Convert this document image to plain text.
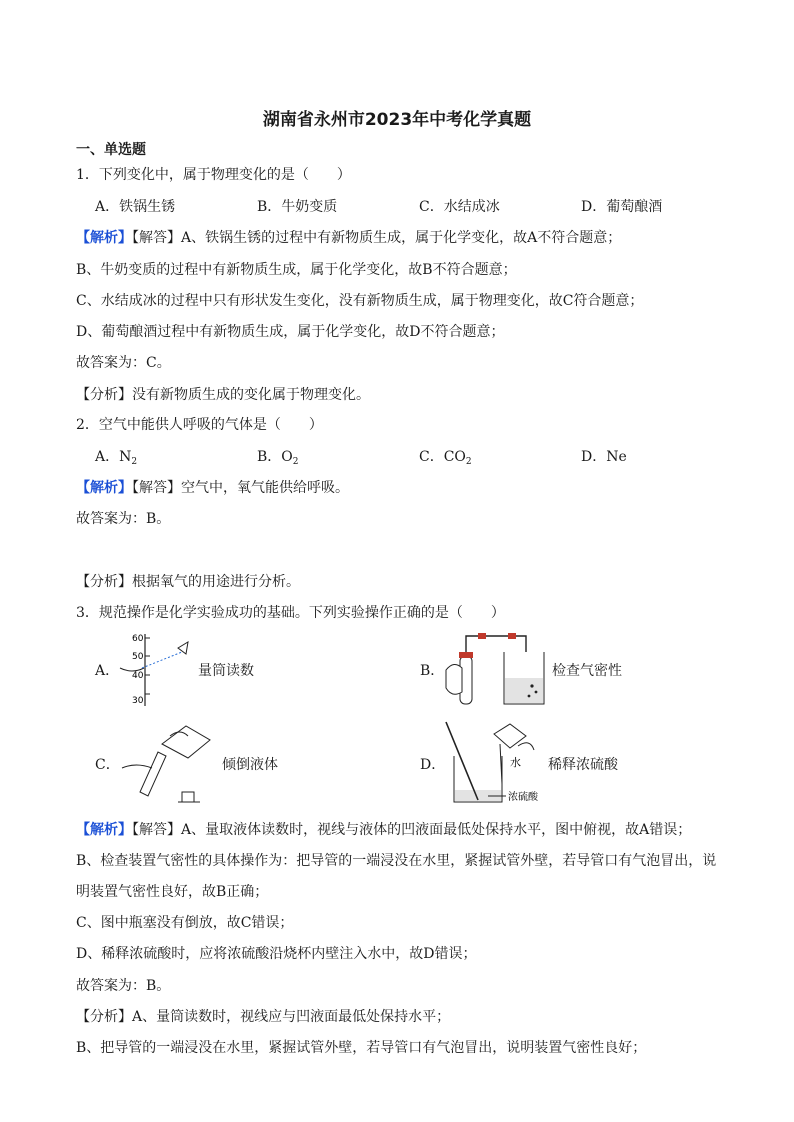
湖南省永州市2023年中考化学真题
一、单选题
1．下列变化中，属于物理变化的是（　　）
A．铁锅生锈	B．牛奶变质	C．水结成冰	D．葡萄酿酒
【解析】【解答】A、铁锅生锈的过程中有新物质生成，属于化学变化，故A不符合题意；
B、牛奶变质的过程中有新物质生成，属于化学变化，故B不符合题意；
C、水结成冰的过程中只有形状发生变化，没有新物质生成，属于物理变化，故C符合题意；
D、葡萄酿酒过程中有新物质生成，属于化学变化，故D不符合题意；
故答案为：C。
【分析】没有新物质生成的变化属于物理变化。
2．空气中能供人呼吸的气体是（　　）
A．$N_2$	B．$O_2$	C．$CO_2$	D．Ne
【解析】【解答】空气中，氧气能供给呼吸。
故答案为：B。
【分析】根据氧气的用途进行分析。
3．规范操作是化学实验成功的基础。下列实验操作正确的是（　　）
A．
60
50
40
30
量筒读数	B．	检查气密性
C．	倾倒液体	D．	水
浓硫酸
稀释浓硫酸
【解析】【解答】A、量取液体读数时，视线与液体的凹液面最低处保持水平，图中俯视，故A错误；
B、检查装置气密性的具体操作为：把导管的一端浸没在水里，紧握试管外壁，若导管口有气泡冒出，说
明装置气密性良好，故B正确；
C、图中瓶塞没有倒放，故C错误；
D、稀释浓硫酸时，应将浓硫酸沿烧杯内壁注入水中，故D错误；
故答案为：B。
【分析】A、量筒读数时，视线应与凹液面最低处保持水平；
B、把导管的一端浸没在水里，紧握试管外壁，若导管口有气泡冒出，说明装置气密性良好；
